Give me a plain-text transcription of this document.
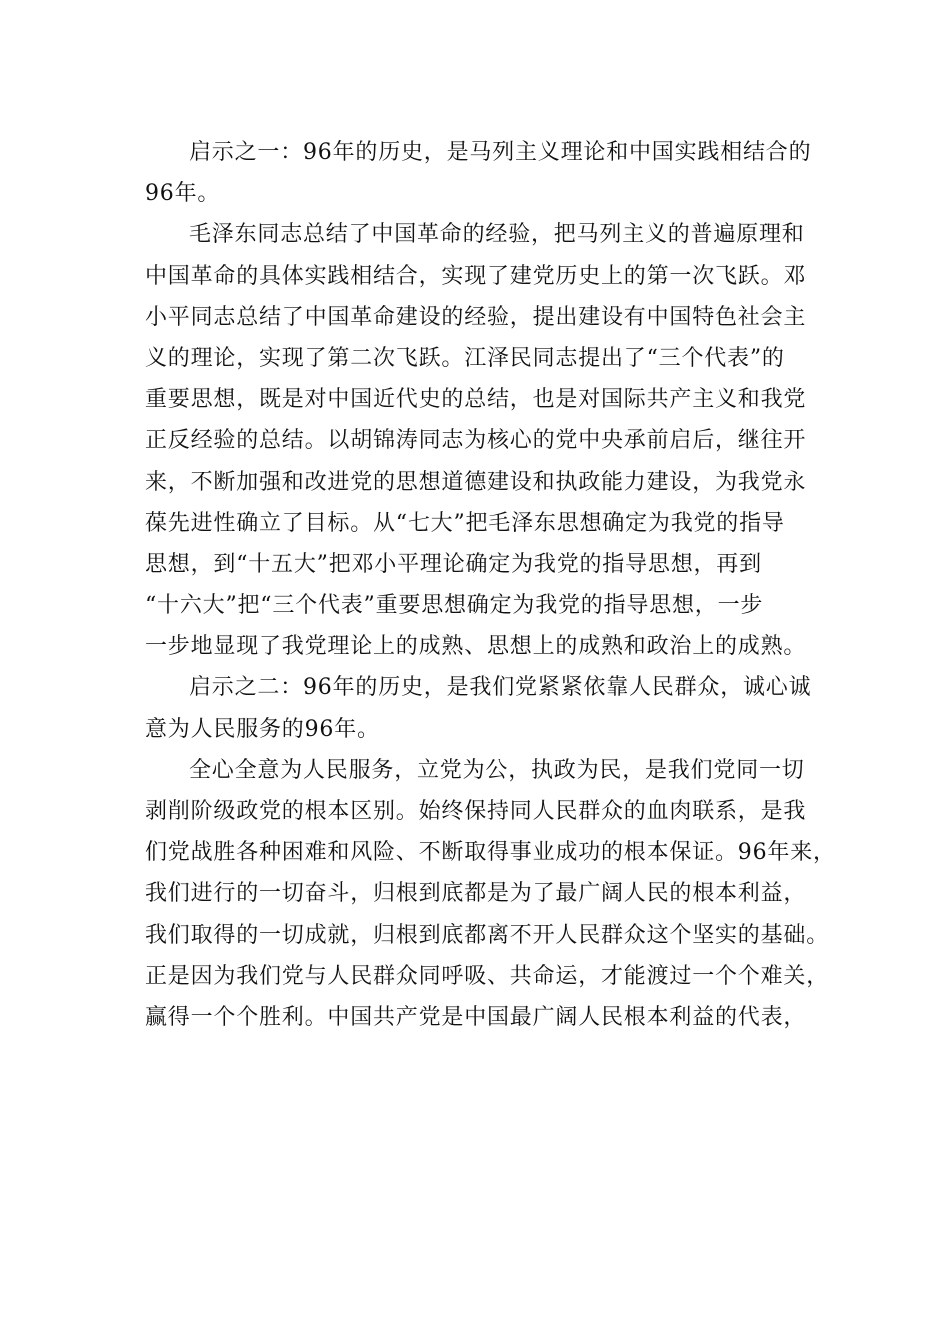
启示之一：96年的历史，是马列主义理论和中国实践相结合的
96年。

毛泽东同志总结了中国革命的经验，把马列主义的普遍原理和
中国革命的具体实践相结合，实现了建党历史上的第一次飞跃。邓
小平同志总结了中国革命建设的经验，提出建设有中国特色社会主
义的理论，实现了第二次飞跃。江泽民同志提出了“三个代表”的
重要思想，既是对中国近代史的总结，也是对国际共产主义和我党
正反经验的总结。以胡锦涛同志为核心的党中央承前启后，继往开
来，不断加强和改进党的思想道德建设和执政能力建设，为我党永
葆先进性确立了目标。从“七大”把毛泽东思想确定为我党的指导
思想，到“十五大”把邓小平理论确定为我党的指导思想，再到
“十六大”把“三个代表”重要思想确定为我党的指导思想，一步
一步地显现了我党理论上的成熟、思想上的成熟和政治上的成熟。

启示之二：96年的历史，是我们党紧紧依靠人民群众，诚心诚
意为人民服务的96年。

全心全意为人民服务，立党为公，执政为民，是我们党同一切
剥削阶级政党的根本区别。始终保持同人民群众的血肉联系，是我
们党战胜各种困难和风险、不断取得事业成功的根本保证。96年来，
我们进行的一切奋斗，归根到底都是为了最广阔人民的根本利益，
我们取得的一切成就，归根到底都离不开人民群众这个坚实的基础。
正是因为我们党与人民群众同呼吸、共命运，才能渡过一个个难关，
赢得一个个胜利。中国共产党是中国最广阔人民根本利益的代表，
